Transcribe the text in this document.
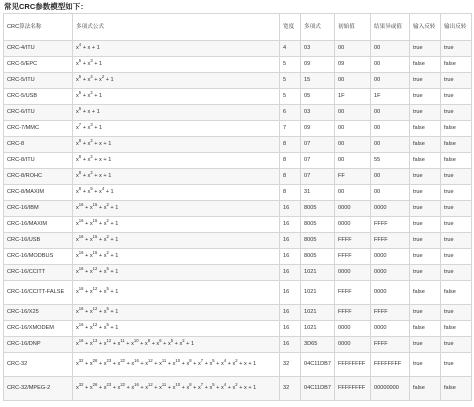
常见CRC参数模型如下：
CRC算法名称	多项式公式	宽度	多项式	初始值	结果异或值	输入反转	输出反转
CRC-4/ITU	$x^4 + x + 1$	4	03	00	00	true	true
CRC-5/EPC	$x^5 + x^3 + 1$	5	09	09	00	false	false
CRC-5/ITU	$x^5 + x^4 + x^2 + 1$	5	15	00	00	true	true
CRC-5/USB	$x^5 + x^2 + 1$	5	05	1F	1F	true	true
CRC-6/ITU	$x^6 + x + 1$	6	03	00	00	true	true
CRC-7/MMC	$x^7 + x^3 + 1$	7	09	00	00	false	false
CRC-8	$x^8 + x^2 + x + 1$	8	07	00	00	false	false
CRC-8/ITU	$x^8 + x^2 + x + 1$	8	07	00	55	false	false
CRC-8/ROHC	$x^8 + x^2 + x + 1$	8	07	FF	00	true	true
CRC-8/MAXIM	$x^8 + x^5 + x^4 + 1$	8	31	00	00	true	true
CRC-16/IBM	$x^{16} + x^{15} + x^2 + 1$	16	8005	0000	0000	true	true
CRC-16/MAXIM	$x^{16} + x^{15} + x^2 + 1$	16	8005	0000	FFFF	true	true
CRC-16/USB	$x^{16} + x^{15} + x^2 + 1$	16	8005	FFFF	FFFF	true	true
CRC-16/MODBUS	$x^{16} + x^{15} + x^2 + 1$	16	8005	FFFF	0000	true	true
CRC-16/CCITT	$x^{16} + x^{12} + x^5 + 1$	16	1021	0000	0000	true	true
CRC-16/CCITT-FALSE	$x^{16} + x^{12} + x^5 + 1$	16	1021	FFFF	0000	false	false
CRC-16/X25	$x^{16} + x^{12} + x^5 + 1$	16	1021	FFFF	FFFF	true	true
CRC-16/XMODEM	$x^{16} + x^{12} + x^5 + 1$	16	1021	0000	0000	false	false
CRC-16/DNP	$x^{16} + x^{13} + x^{12} + x^{11} + x^{10} + x^8 + x^6 + x^5 + x^2 + 1$	16	3D65	0000	FFFF	true	true
CRC-32	$x^{32} + x^{26} + x^{23} + x^{22} + x^{16} + x^{12} + x^{11} + x^{10} + x^8 + x^7 + x^5 + x^4 + x^2 + x + 1$	32	04C11DB7	FFFFFFFF	FFFFFFFF	true	true
CRC-32/MPEG-2	$x^{32} + x^{26} + x^{23} + x^{22} + x^{16} + x^{12} + x^{11} + x^{10} + x^8 + x^7 + x^5 + x^4 + x^2 + x + 1$	32	04C11DB7	FFFFFFFF	00000000	false	false
